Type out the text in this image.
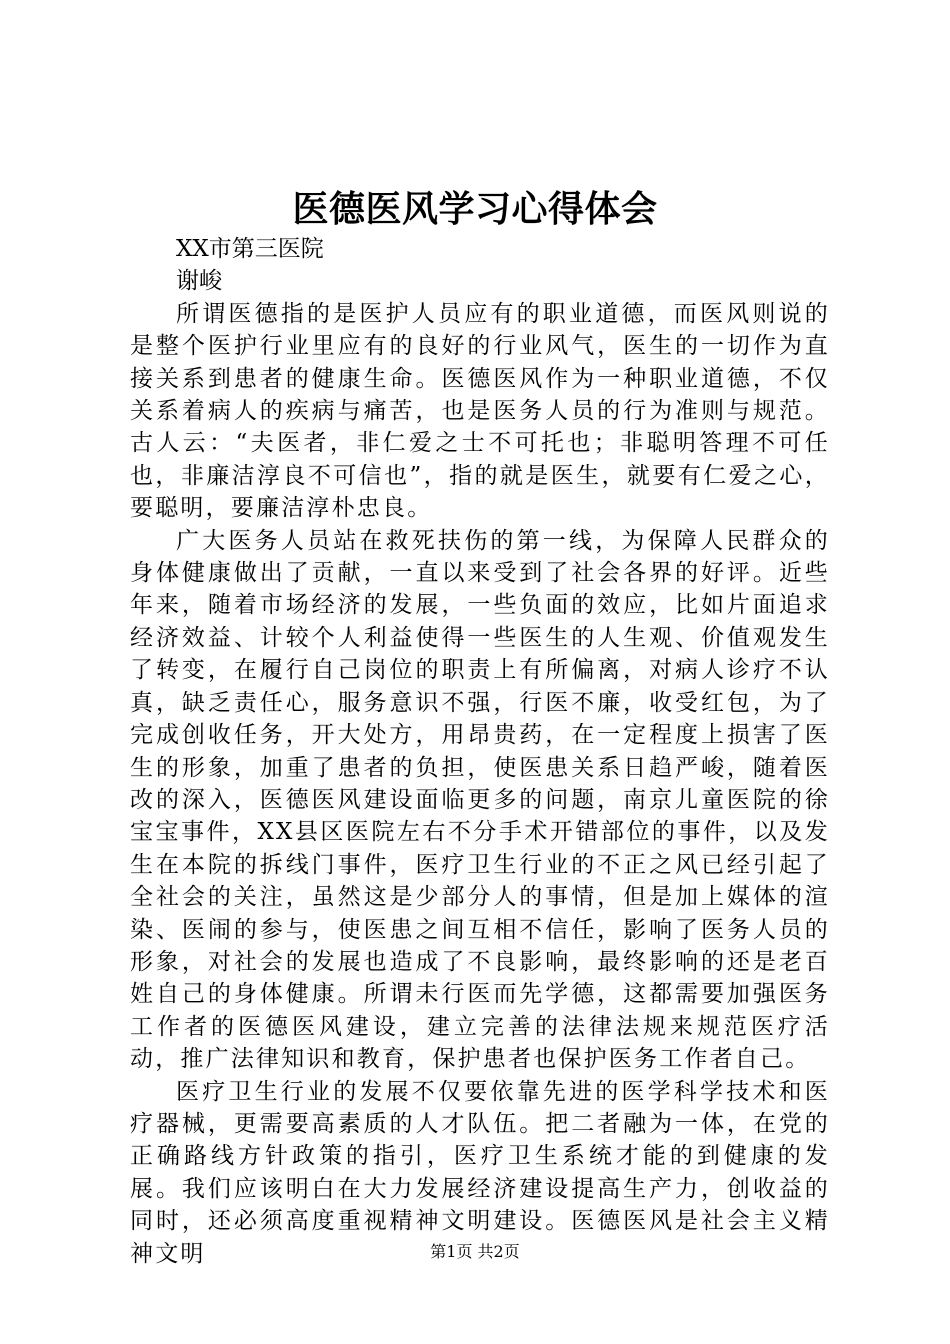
医德医风学习心得体会

XX市第三医院

谢峻

所谓医德指的是医护人员应有的职业道德，而医风则说的是整个医护行业里应有的良好的行业风气，医生的一切作为直接关系到患者的健康生命。医德医风作为一种职业道德，不仅关系着病人的疾病与痛苦，也是医务人员的行为准则与规范。古人云：“夫医者，非仁爱之士不可托也；非聪明答理不可任也，非廉洁淳良不可信也”，指的就是医生，就要有仁爱之心，要聪明，要廉洁淳朴忠良。

广大医务人员站在救死扶伤的第一线，为保障人民群众的身体健康做出了贡献，一直以来受到了社会各界的好评。近些年来，随着市场经济的发展，一些负面的效应，比如片面追求经济效益、计较个人利益使得一些医生的人生观、价值观发生了转变，在履行自己岗位的职责上有所偏离，对病人诊疗不认真，缺乏责任心，服务意识不强，行医不廉，收受红包，为了完成创收任务，开大处方，用昂贵药，在一定程度上损害了医生的形象，加重了患者的负担，使医患关系日趋严峻，随着医改的深入，医德医风建设面临更多的问题，南京儿童医院的徐宝宝事件，XX县区医院左右不分手术开错部位的事件，以及发生在本院的拆线门事件，医疗卫生行业的不正之风已经引起了全社会的关注，虽然这是少部分人的事情，但是加上媒体的渲染、医闹的参与，使医患之间互相不信任，影响了医务人员的形象，对社会的发展也造成了不良影响，最终影响的还是老百姓自己的身体健康。所谓未行医而先学德，这都需要加强医务工作者的医德医风建设，建立完善的法律法规来规范医疗活动，推广法律知识和教育，保护患者也保护医务工作者自己。

医疗卫生行业的发展不仅要依靠先进的医学科学技术和医疗器械，更需要高素质的人才队伍。把二者融为一体，在党的正确路线方针政策的指引，医疗卫生系统才能的到健康的发展。我们应该明白在大力发展经济建设提高生产力，创收益的同时，还必须高度重视精神文明建设。医德医风是社会主义精神文明	第1页 共2页
